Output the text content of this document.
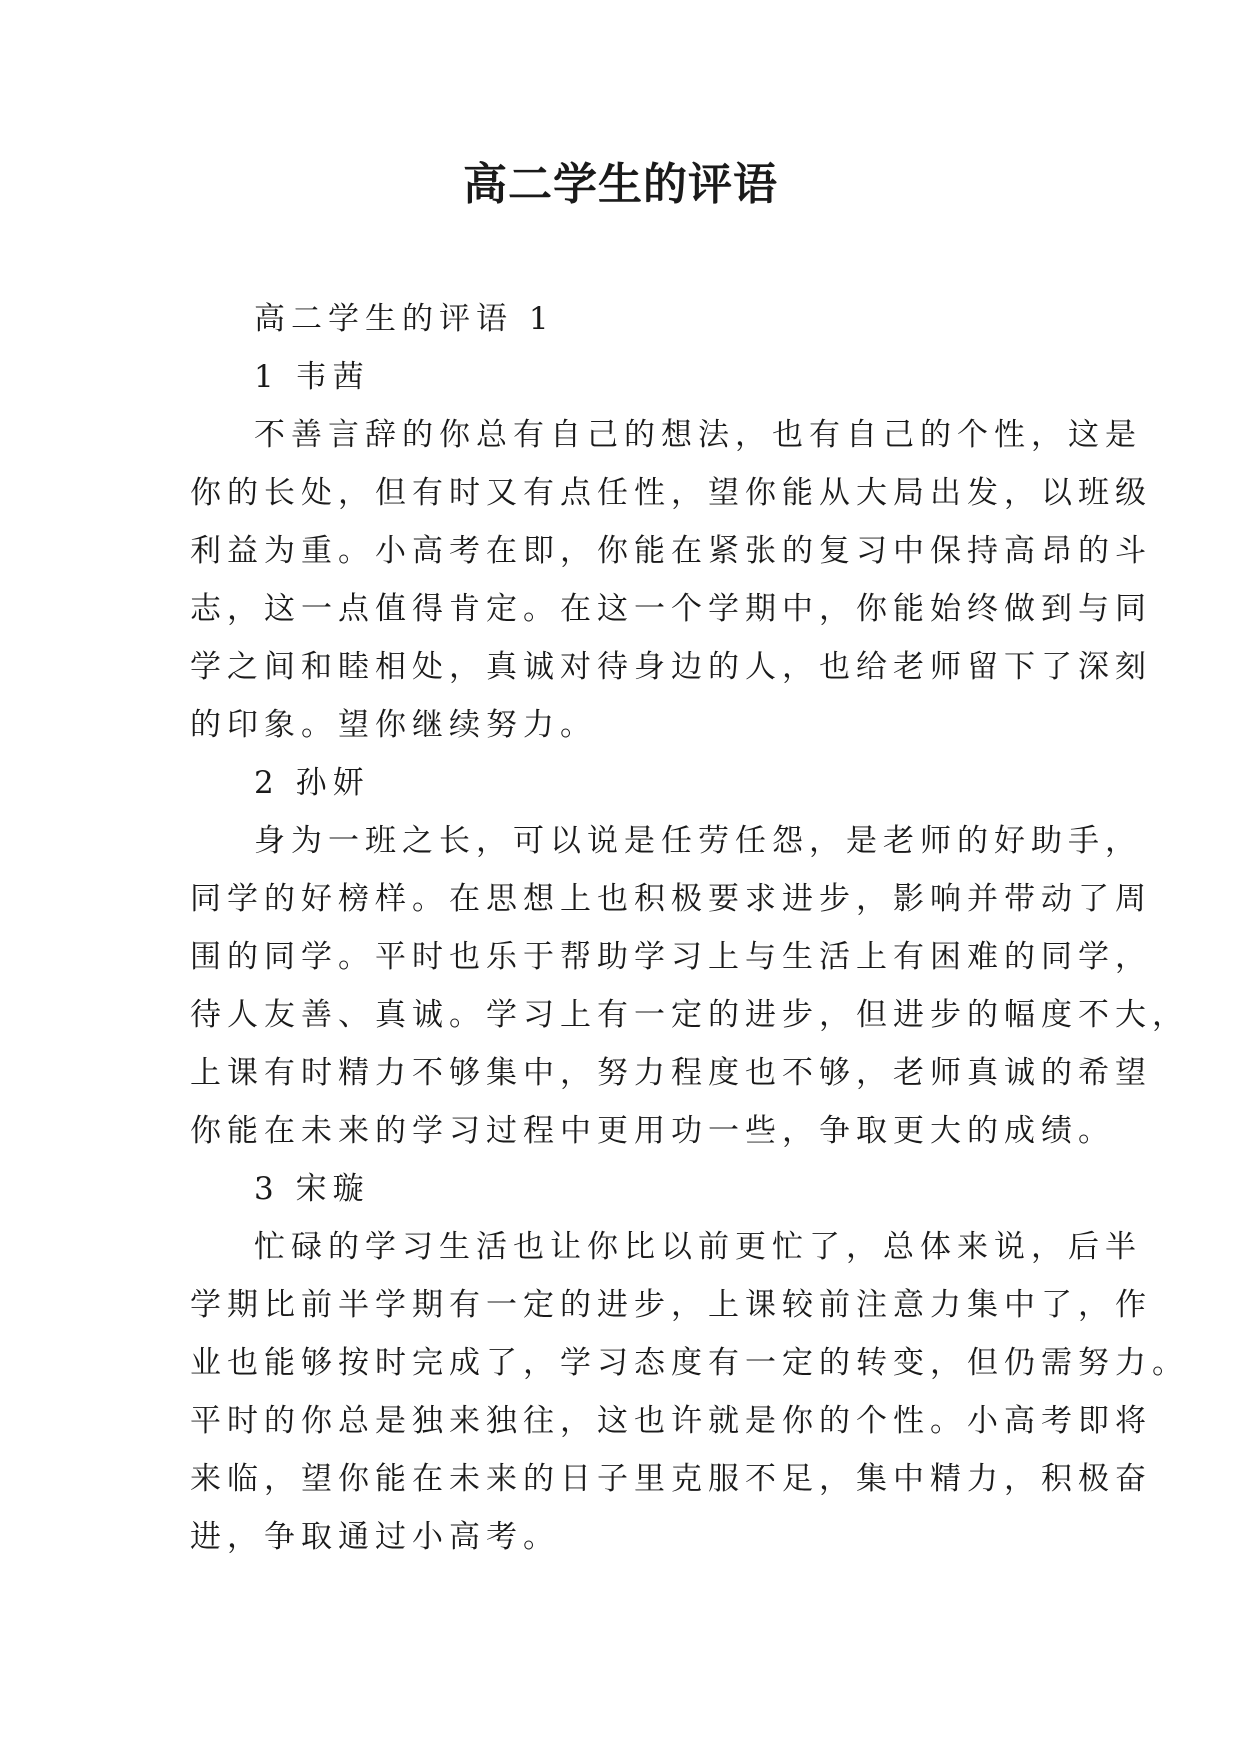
高二学生的评语

高二学生的评语 1

1 韦茜

不善言辞的你总有自己的想法，也有自己的个性，这是

你的长处，但有时又有点任性，望你能从大局出发，以班级

利益为重。小高考在即，你能在紧张的复习中保持高昂的斗

志，这一点值得肯定。在这一个学期中，你能始终做到与同

学之间和睦相处，真诚对待身边的人，也给老师留下了深刻

的印象。望你继续努力。

2 孙妍

身为一班之长，可以说是任劳任怨，是老师的好助手，

同学的好榜样。在思想上也积极要求进步，影响并带动了周

围的同学。平时也乐于帮助学习上与生活上有困难的同学，

待人友善、真诚。学习上有一定的进步，但进步的幅度不大，

上课有时精力不够集中，努力程度也不够，老师真诚的希望

你能在未来的学习过程中更用功一些，争取更大的成绩。

3 宋璇

忙碌的学习生活也让你比以前更忙了，总体来说，后半

学期比前半学期有一定的进步，上课较前注意力集中了，作

业也能够按时完成了，学习态度有一定的转变，但仍需努力。

平时的你总是独来独往，这也许就是你的个性。小高考即将

来临，望你能在未来的日子里克服不足，集中精力，积极奋

进，争取通过小高考。
